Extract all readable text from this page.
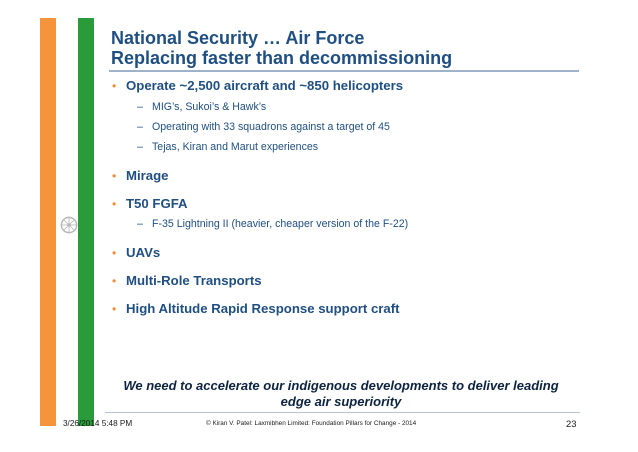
National Security … Air Force
Replacing faster than decommissioning
• Operate ~2,500 aircraft and ~850 helicopters
– MIG’s, Sukoi’s & Hawk’s
– Operating with 33 squadrons against a target of 45
– Tejas, Kiran and Marut experiences
• Mirage
• T50 FGFA
– F-35 Lightning II (heavier, cheaper version of the F-22)
• UAVs
• Multi-Role Transports
• High Altitude Rapid Response support craft
We need to accelerate our indigenous developments to deliver leading
edge air superiority
3/26/2014 5:48 PM	© Kiran V. Patel: Laxmibhen Limited: Foundation Pillars for Change - 2014	23
